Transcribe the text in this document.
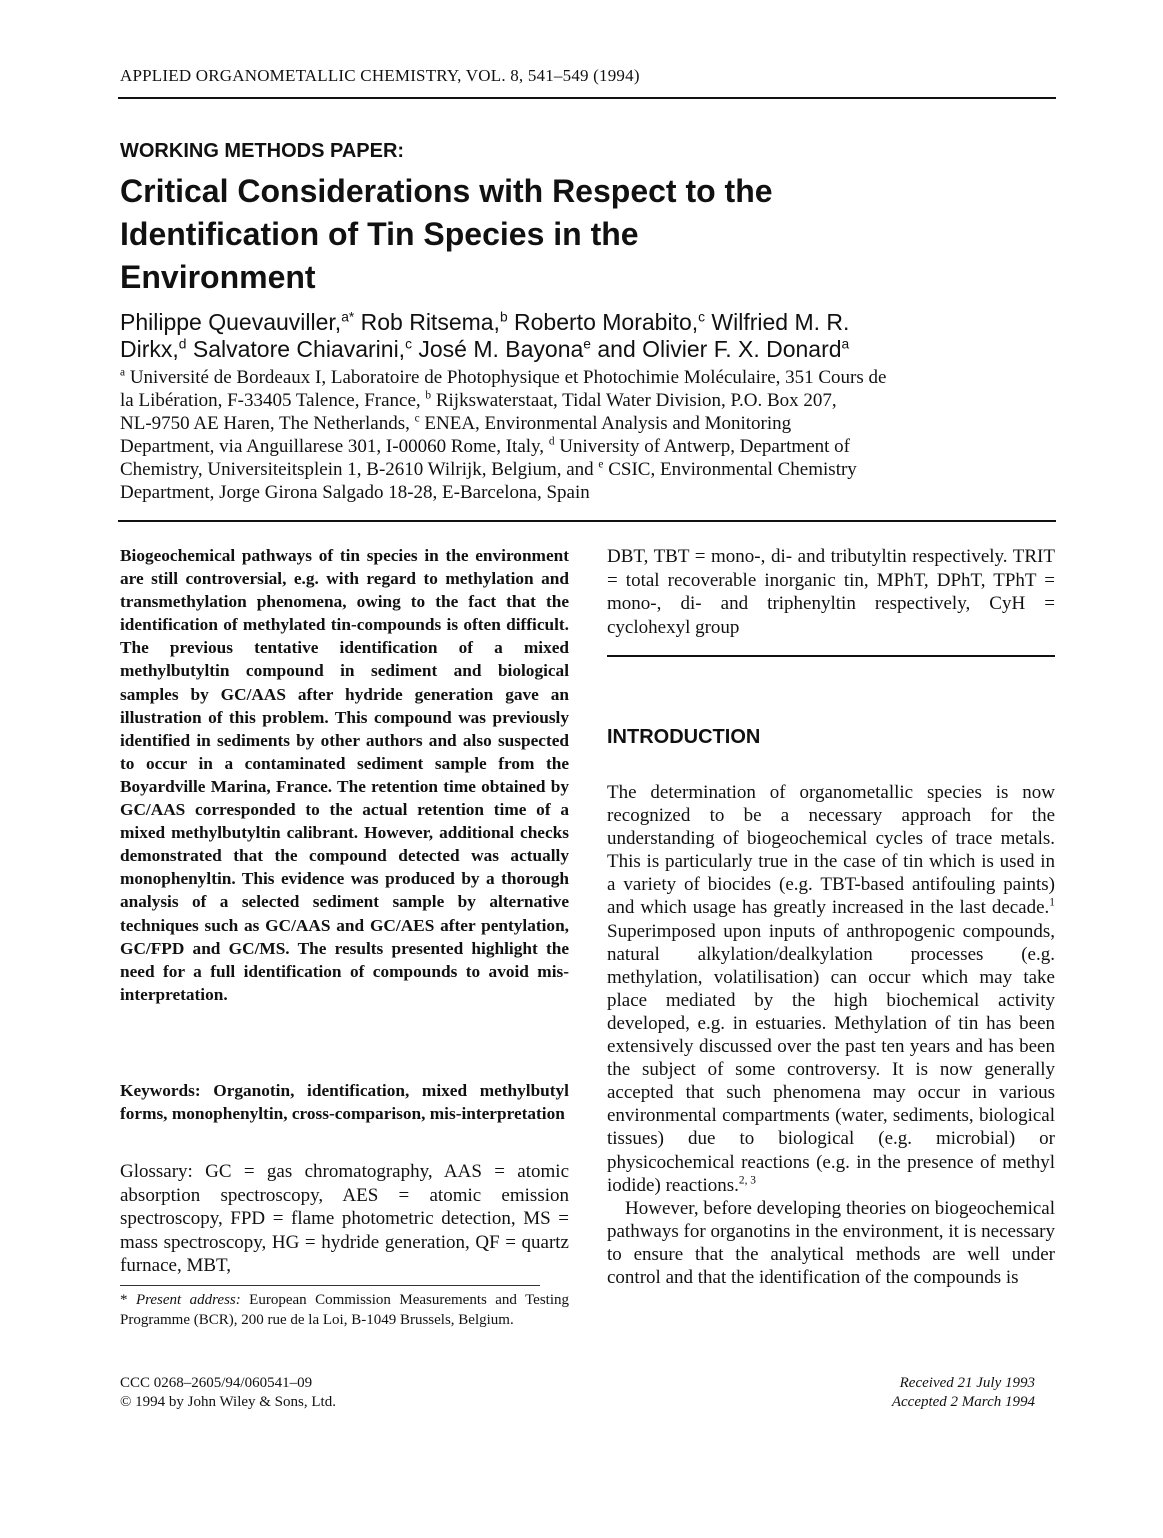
APPLIED ORGANOMETALLIC CHEMISTRY, VOL. 8, 541–549 (1994)
WORKING METHODS PAPER:
Critical Considerations with Respect to the
Identification of Tin Species in the
Environment
Philippe Quevauviller,$^{a*}$ Rob Ritsema,$^b$ Roberto Morabito,$^c$ Wilfried M. R.
Dirkx,$^d$ Salvatore Chiavarini,$^c$ José M. Bayona$^e$ and Olivier F. X. Donard$^a$
$^a$ Université de Bordeaux I, Laboratoire de Photophysique et Photochimie Moléculaire, 351 Cours de
la Libération, F-33405 Talence, France, $^b$ Rijkswaterstaat, Tidal Water Division, P.O. Box 207,
NL-9750 AE Haren, The Netherlands, $^c$ ENEA, Environmental Analysis and Monitoring
Department, via Anguillarese 301, I-00060 Rome, Italy, $^d$ University of Antwerp, Department of
Chemistry, Universiteitsplein 1, B-2610 Wilrijk, Belgium, and $^e$ CSIC, Environmental Chemistry
Department, Jorge Girona Salgado 18-28, E-Barcelona, Spain

Biogeochemical pathways of tin species in the environment are still controversial, e.g. with regard to methylation and transmethylation phenomena, owing to the fact that the identification of methylated tin-compounds is often difficult. The previous tentative identification of a mixed methylbutyltin compound in sediment and biological samples by GC/AAS after hydride generation gave an illustration of this problem. This compound was previously identified in sediments by other authors and also suspected to occur in a contaminated sediment sample from the Boyardville Marina, France. The retention time obtained by GC/AAS corresponded to the actual retention time of a mixed methylbutyltin calibrant. However, additional checks demonstrated that the compound detected was actually monophenyltin. This evidence was produced by a thorough analysis of a selected sediment sample by alternative techniques such as GC/AAS and GC/AES after pentylation, GC/FPD and GC/MS. The results presented highlight the need for a full identification of compounds to avoid mis-interpretation.

Keywords: Organotin, identification, mixed methylbutyl forms, monophenyltin, cross-comparison, mis-interpretation

Glossary: GC = gas chromatography, AAS = atomic absorption spectroscopy, AES = atomic emission spectroscopy, FPD = flame photometric detection, MS = mass spectroscopy, HG = hydride generation, QF = quartz furnace, MBT,

* Present address: European Commission Measurements and Testing Programme (BCR), 200 rue de la Loi, B-1049 Brussels, Belgium.

CCC 0268–2605/94/060541–09
© 1994 by John Wiley & Sons, Ltd.
Received 21 July 1993
Accepted 2 March 1994

DBT, TBT = mono-, di- and tributyltin respectively. TRIT = total recoverable inorganic tin, MPhT, DPhT, TPhT = mono-, di- and triphenyltin respectively, CyH = cyclohexyl group

INTRODUCTION

The determination of organometallic species is now recognized to be a necessary approach for the understanding of biogeochemical cycles of trace metals. This is particularly true in the case of tin which is used in a variety of biocides (e.g. TBT-based antifouling paints) and which usage has greatly increased in the last decade.$^1$ Superimposed upon inputs of anthropogenic compounds, natural alkylation/dealkylation processes (e.g. methylation, volatilisation) can occur which may take place mediated by the high biochemical activity developed, e.g. in estuaries. Methylation of tin has been extensively discussed over the past ten years and has been the subject of some controversy. It is now generally accepted that such phenomena may occur in various environmental compartments (water, sediments, biological tissues) due to biological (e.g. microbial) or physicochemical reactions (e.g. in the presence of methyl iodide) reactions.$^{2, 3}$

However, before developing theories on biogeochemical pathways for organotins in the environment, it is necessary to ensure that the analytical methods are well under control and that the identification of the compounds is
